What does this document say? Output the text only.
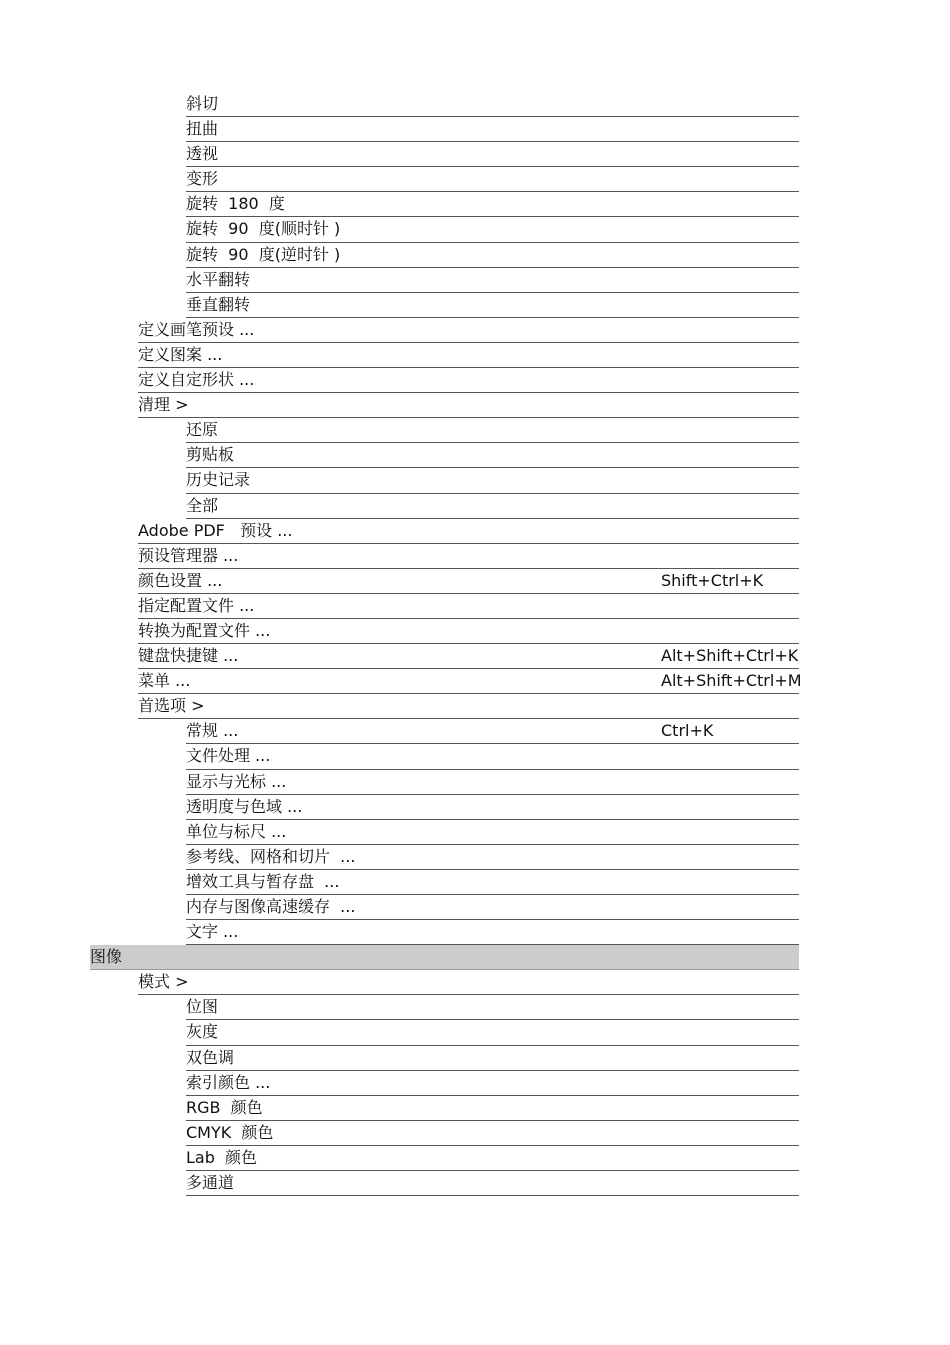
斜切
扭曲
透视
变形
旋转  180  度
旋转  90  度(顺时针 )
旋转  90  度(逆时针 )
水平翻转
垂直翻转
定义画笔预设 ...
定义图案 ...
定义自定形状 ...
清理 >
还原
剪贴板
历史记录
全部
Adobe PDF   预设 ...
预设管理器 ...
颜色设置 ...	Shift+Ctrl+K
指定配置文件 ...
转换为配置文件 ...
键盘快捷键 ...	Alt+Shift+Ctrl+K
菜单 ...	Alt+Shift+Ctrl+M
首选项 >
常规 ...	Ctrl+K
文件处理 ...
显示与光标 ...
透明度与色域 ...
单位与标尺 ...
参考线、网格和切片  ...
增效工具与暂存盘  ...
内存与图像高速缓存  ...
文字 ...
图像
模式 >
位图
灰度
双色调
索引颜色 ...
RGB  颜色
CMYK  颜色
Lab  颜色
多通道
